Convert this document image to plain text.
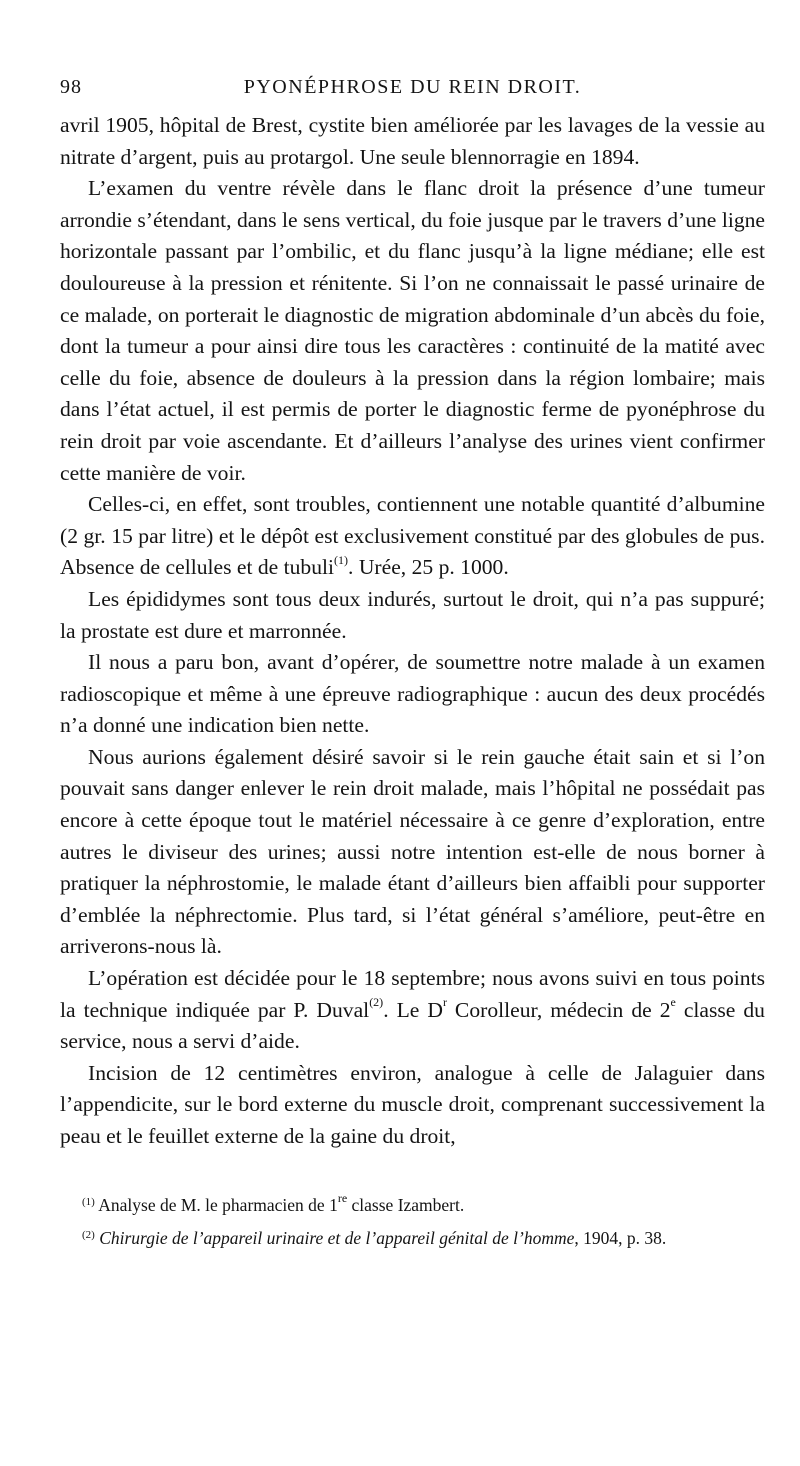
98	PYONÉPHROSE DU REIN DROIT.

avril 1905, hôpital de Brest, cystite bien améliorée par les lavages de la vessie au nitrate d’argent, puis au protargol. Une seule blennorragie en 1894.

L’examen du ventre révèle dans le flanc droit la présence d’une tumeur arrondie s’étendant, dans le sens vertical, du foie jusque par le travers d’une ligne horizontale passant par l’ombilic, et du flanc jusqu’à la ligne médiane; elle est douloureuse à la pression et rénitente. Si l’on ne connaissait le passé urinaire de ce malade, on porterait le diagnostic de migration abdominale d’un abcès du foie, dont la tumeur a pour ainsi dire tous les caractères : continuité de la matité avec celle du foie, absence de douleurs à la pression dans la région lombaire; mais dans l’état actuel, il est permis de porter le diagnostic ferme de pyonéphrose du rein droit par voie ascendante. Et d’ailleurs l’analyse des urines vient confirmer cette manière de voir.

Celles-ci, en effet, sont troubles, contiennent une notable quantité d’albumine (2 gr. 15 par litre) et le dépôt est exclusivement constitué par des globules de pus. Absence de cellules et de tubuli$^{(1)}$. Urée, 25 p. 1000.

Les épididymes sont tous deux indurés, surtout le droit, qui n’a pas suppuré; la prostate est dure et marronnée.

Il nous a paru bon, avant d’opérer, de soumettre notre malade à un examen radioscopique et même à une épreuve radiographique : aucun des deux procédés n’a donné une indication bien nette.

Nous aurions également désiré savoir si le rein gauche était sain et si l’on pouvait sans danger enlever le rein droit malade, mais l’hôpital ne possédait pas encore à cette époque tout le matériel nécessaire à ce genre d’exploration, entre autres le diviseur des urines; aussi notre intention est-elle de nous borner à pratiquer la néphrostomie, le malade étant d’ailleurs bien affaibli pour supporter d’emblée la néphrectomie. Plus tard, si l’état général s’améliore, peut-être en arriverons-nous là.

L’opération est décidée pour le 18 septembre; nous avons suivi en tous points la technique indiquée par P. Duval$^{(2)}$. Le $D^r$ Corolleur, médecin de 2e classe du service, nous a servi d’aide.

Incision de 12 centimètres environ, analogue à celle de Jalaguier dans l’appendicite, sur le bord externe du muscle droit, comprenant successivement la peau et le feuillet externe de la gaine du droit,

$^{(1)}$ Analyse de M. le pharmacien de 1re classe Izambert.

$^{(2)}$ Chirurgie de l’appareil urinaire et de l’appareil génital de l’homme, 1904, p. 38.
